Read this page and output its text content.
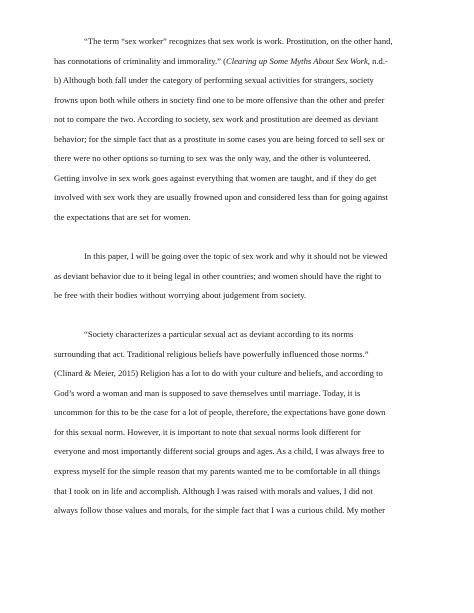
“The term “sex worker” recognizes that sex work is work. Prostitution, on the other hand,
has connotations of criminality and immorality.” (Clearing up Some Myths About Sex Work, n.d.-
b) Although both fall under the category of performing sexual activities for strangers, society
frowns upon both while others in society find one to be more offensive than the other and prefer
not to compare the two. According to society, sex work and prostitution are deemed as deviant
behavior; for the simple fact that as a prostitute in some cases you are being forced to sell sex or
there were no other options so turning to sex was the only way, and the other is volunteered.
Getting involve in sex work goes against everything that women are taught, and if they do get
involved with sex work they are usually frowned upon and considered less than for going against
the expectations that are set for women.
In this paper, I will be going over the topic of sex work and why it should not be viewed
as deviant behavior due to it being legal in other countries; and women should have the right to
be free with their bodies without worrying about judgement from society.
“Society characterizes a particular sexual act as deviant according to its norms
surrounding that act. Traditional religious beliefs have powerfully influenced those norms.”
(Clinard & Meier, 2015) Religion has a lot to do with your culture and beliefs, and according to
God’s word a woman and man is supposed to save themselves until marriage. Today, it is
uncommon for this to be the case for a lot of people, therefore, the expectations have gone down
for this sexual norm. However, it is important to note that sexual norms look different for
everyone and most importantly different social groups and ages. As a child, I was always free to
express myself for the simple reason that my parents wanted me to be comfortable in all things
that I took on in life and accomplish. Although I was raised with morals and values, I did not
always follow those values and morals, for the simple fact that I was a curious child. My mother
